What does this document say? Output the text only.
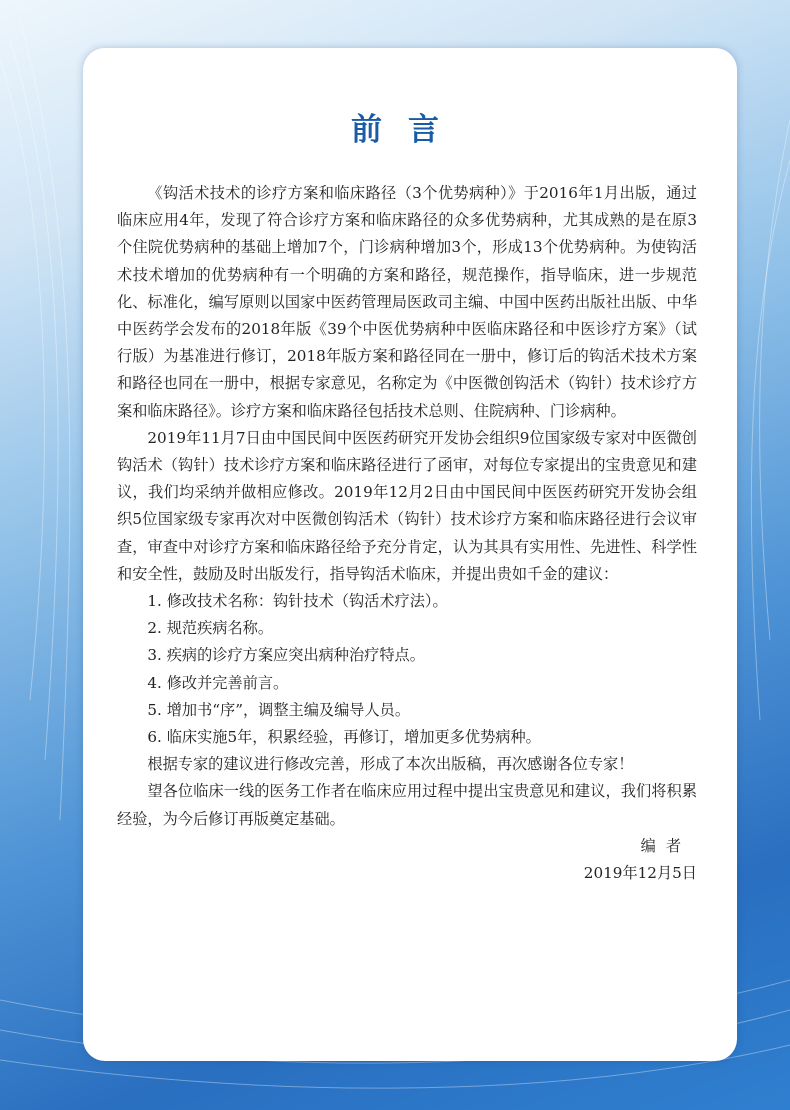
前言

《钩活术技术的诊疗方案和临床路径（3个优势病种）》于2016年1月出版，通过临床应用4年，发现了符合诊疗方案和临床路径的众多优势病种，尤其成熟的是在原3个住院优势病种的基础上增加7个，门诊病种增加3个，形成13个优势病种。为使钩活术技术增加的优势病种有一个明确的方案和路径，规范操作，指导临床，进一步规范化、标准化，编写原则以国家中医药管理局医政司主编、中国中医药出版社出版、中华中医药学会发布的2018年版《39个中医优势病种中医临床路径和中医诊疗方案》（试行版）为基准进行修订，2018年版方案和路径同在一册中，修订后的钩活术技术方案和路径也同在一册中，根据专家意见，名称定为《中医微创钩活术（钩针）技术诊疗方案和临床路径》。诊疗方案和临床路径包括技术总则、住院病种、门诊病种。

2019年11月7日由中国民间中医医药研究开发协会组织9位国家级专家对中医微创钩活术（钩针）技术诊疗方案和临床路径进行了函审，对每位专家提出的宝贵意见和建议，我们均采纳并做相应修改。2019年12月2日由中国民间中医医药研究开发协会组织5位国家级专家再次对中医微创钩活术（钩针）技术诊疗方案和临床路径进行会议审查，审查中对诊疗方案和临床路径给予充分肯定，认为其具有实用性、先进性、科学性和安全性，鼓励及时出版发行，指导钩活术临床，并提出贵如千金的建议：

1. 修改技术名称：钩针技术（钩活术疗法）。
2. 规范疾病名称。
3. 疾病的诊疗方案应突出病种治疗特点。
4. 修改并完善前言。
5. 增加书“序”，调整主编及编导人员。
6. 临床实施5年，积累经验，再修订，增加更多优势病种。

根据专家的建议进行修改完善，形成了本次出版稿，再次感谢各位专家！

望各位临床一线的医务工作者在临床应用过程中提出宝贵意见和建议，我们将积累经验，为今后修订再版奠定基础。

编者

2019年12月5日
